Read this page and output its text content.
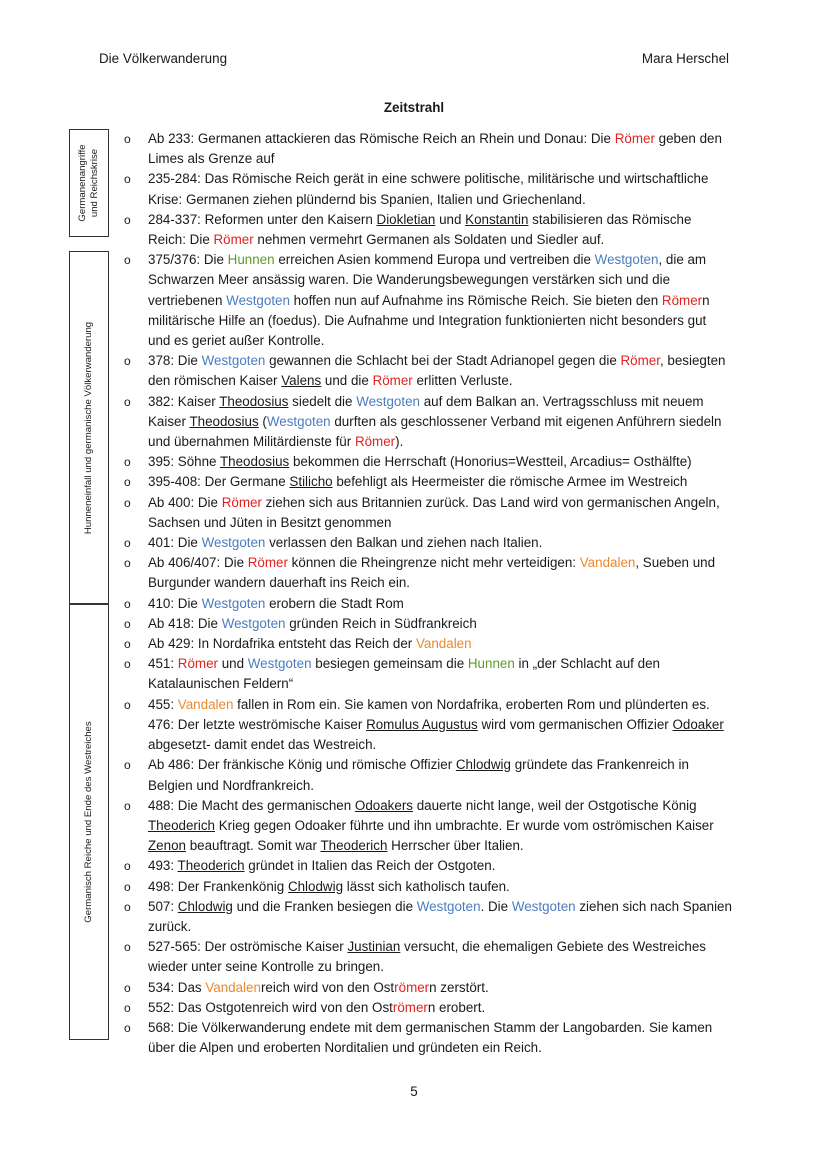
Die Völkerwanderung	Mara Herschel
Zeitstrahl
Germanenangriffe und Reichskrise
Hunneneinfall und germanische Völkerwanderung
Germanisch Reiche und Ende des Westreiches
o Ab 233: Germanen attackieren das Römische Reich an Rhein und Donau: Die Römer geben den Limes als Grenze auf
o 235-284: Das Römische Reich gerät in eine schwere politische, militärische und wirtschaftliche Krise: Germanen ziehen plündernd bis Spanien, Italien und Griechenland.
o 284-337: Reformen unter den Kaisern Diokletian und Konstantin stabilisieren das Römische Reich: Die Römer nehmen vermehrt Germanen als Soldaten und Siedler auf.
o 375/376: Die Hunnen erreichen Asien kommend Europa und vertreiben die Westgoten, die am Schwarzen Meer ansässig waren. Die Wanderungsbewegungen verstärken sich und die vertriebenen Westgoten hoffen nun auf Aufnahme ins Römische Reich. Sie bieten den Römern militärische Hilfe an (foedus). Die Aufnahme und Integration funktionierten nicht besonders gut und es geriet außer Kontrolle.
o 378: Die Westgoten gewannen die Schlacht bei der Stadt Adrianopel gegen die Römer, besiegten den römischen Kaiser Valens und die Römer erlitten Verluste.
o 382: Kaiser Theodosius siedelt die Westgoten auf dem Balkan an. Vertragsschluss mit neuem Kaiser Theodosius (Westgoten durften als geschlossener Verband mit eigenen Anführern siedeln und übernahmen Militärdienste für Römer).
o 395: Söhne Theodosius bekommen die Herrschaft (Honorius=Westteil, Arcadius= Osthälfte)
o 395-408: Der Germane Stilicho befehligt als Heermeister die römische Armee im Westreich
o Ab 400: Die Römer ziehen sich aus Britannien zurück. Das Land wird von germanischen Angeln, Sachsen und Jüten in Besitzt genommen
o 401: Die Westgoten verlassen den Balkan und ziehen nach Italien.
o Ab 406/407: Die Römer können die Rheingrenze nicht mehr verteidigen: Vandalen, Sueben und Burgunder wandern dauerhaft ins Reich ein.
o 410: Die Westgoten erobern die Stadt Rom
o Ab 418: Die Westgoten gründen Reich in Südfrankreich
o Ab 429: In Nordafrika entsteht das Reich der Vandalen
o 451: Römer und Westgoten besiegen gemeinsam die Hunnen in „der Schlacht auf den Katalaunischen Feldern“
o 455: Vandalen fallen in Rom ein. Sie kamen von Nordafrika, eroberten Rom und plünderten es. 476: Der letzte weströmische Kaiser Romulus Augustus wird vom germanischen Offizier Odoaker abgesetzt- damit endet das Westreich.
o Ab 486: Der fränkische König und römische Offizier Chlodwig gründete das Frankenreich in Belgien und Nordfrankreich.
o 488: Die Macht des germanischen Odoakers dauerte nicht lange, weil der Ostgotische König Theoderich Krieg gegen Odoaker führte und ihn umbrachte. Er wurde vom oströmischen Kaiser Zenon beauftragt. Somit war Theoderich Herrscher über Italien.
o 493: Theoderich gründet in Italien das Reich der Ostgoten.
o 498: Der Frankenkönig Chlodwig lässt sich katholisch taufen.
o 507: Chlodwig und die Franken besiegen die Westgoten. Die Westgoten ziehen sich nach Spanien zurück.
o 527-565: Der oströmische Kaiser Justinian versucht, die ehemaligen Gebiete des Westreiches wieder unter seine Kontrolle zu bringen.
o 534: Das Vandalenreich wird von den Oströmern zerstört.
o 552: Das Ostgotenreich wird von den Oströmern erobert.
o 568: Die Völkerwanderung endete mit dem germanischen Stamm der Langobarden. Sie kamen über die Alpen und eroberten Norditalien und gründeten ein Reich.
5
